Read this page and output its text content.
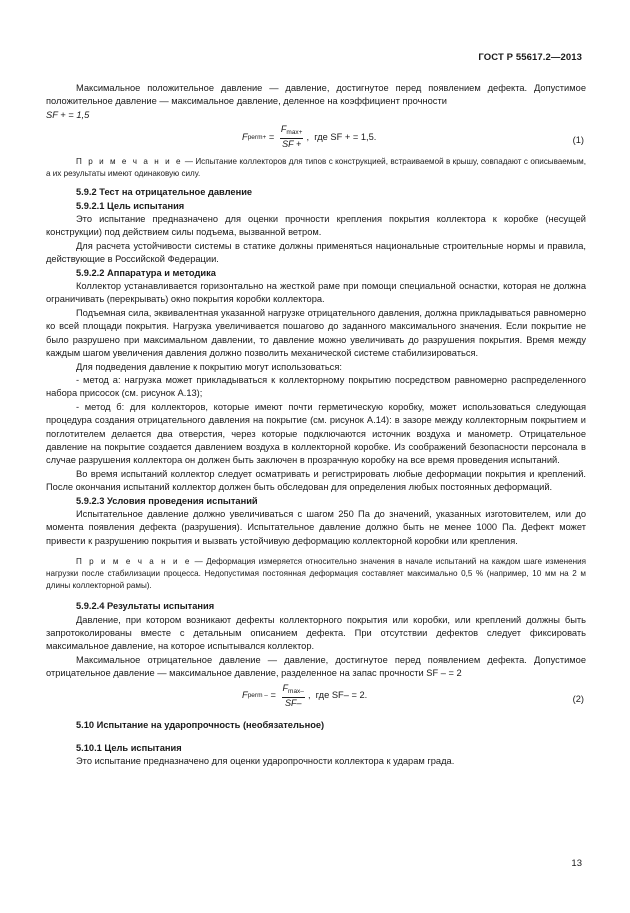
ГОСТ Р 55617.2—2013

Максимальное положительное давление — давление, достигнутое перед появлением дефекта. Допустимое положительное давление — максимальное давление, деленное на коэффициент прочности

SF + = 1,5

F perm+ = $\frac{F_{max+}}{SF +}$ ,  где SF + = 1,5.	(1)

П р и м е ч а н и е — Испытание коллекторов для типов с конструкцией, встраиваемой в крышу, совпадают с описываемым, а их результаты имеют одинаковую силу.

5.9.2 Тест на отрицательное давление

5.9.2.1 Цель испытания

Это испытание предназначено для оценки прочности крепления покрытия коллектора к коробке (несущей конструкции) под действием силы подъема, вызванной ветром.

Для расчета устойчивости системы в статике должны применяться национальные строительные нормы и правила, действующие в Российской Федерации.

5.9.2.2 Аппаратура и методика

Коллектор устанавливается горизонтально на жесткой раме при помощи специальной оснастки, которая не должна ограничивать (перекрывать) окно покрытия коробки коллектора.

Подъемная сила, эквивалентная указанной нагрузке отрицательного давления, должна прикладываться равномерно ко всей площади покрытия. Нагрузка увеличивается пошагово до заданного максимального значения. Если покрытие не было разрушено при максимальном давлении, то давление можно увеличивать до разрушения покрытия. Время между каждым шагом увеличения давления должно позволить механической системе стабилизироваться.

Для подведения давление к покрытию могут использоваться:

- метод а: нагрузка может прикладываться к коллекторному покрытию посредством равномерно распределенного набора присосок (см. рисунок А.13);

- метод б: для коллекторов, которые имеют почти герметическую коробку, может использоваться следующая процедура создания отрицательного давления на покрытие (см. рисунок А.14): в зазоре между коллекторным покрытием и поглотителем делается два отверстия, через которые подключаются источник воздуха и манометр. Отрицательное давление на покрытие создается давлением воздуха в коллекторной коробке. Из соображений безопасности персонала в случае разрушения коллектора он должен быть заключен в прозрачную коробку на все время проведения испытаний.

Во время испытаний коллектор следует осматривать и регистрировать любые деформации покрытия и креплений. После окончания испытаний коллектор должен быть обследован для определения любых постоянных деформаций.

5.9.2.3 Условия проведения испытаний

Испытательное давление должно увеличиваться с шагом 250 Па до значений, указанных изготовителем, или до момента появления дефекта (разрушения). Испытательное давление должно быть не менее 1000 Па. Дефект может привести к разрушению покрытия и вызвать устойчивую деформацию коллекторной коробки или крепления.

П р и м е ч а н и е — Деформация измеряется относительно значения в начале испытаний на каждом шаге изменения нагрузки после стабилизации процесса. Недопустимая постоянная деформация составляет максимально 0,5 % (например, 10 мм на 2 м длины коллекторной рамы).

5.9.2.4 Результаты испытания

Давление, при котором возникают дефекты коллекторного покрытия или коробки, или креплений должны быть запротоколированы вместе с детальным описанием дефекта. При отсутствии дефектов следует фиксировать максимальное давление, на которое испытывался коллектор.

Максимальное отрицательное давление — давление, достигнутое перед появлением дефекта. Допустимое отрицательное давление — максимальное давление, разделенное на запас прочности SF – = 2

F perm – = $\frac{F_{max-}}{SF-}$ ,  где SF– = 2.	(2)

5.10 Испытание на ударопрочность (необязательное)

5.10.1 Цель испытания

Это испытание предназначено для оценки ударопрочности коллектора к ударам града.

13
